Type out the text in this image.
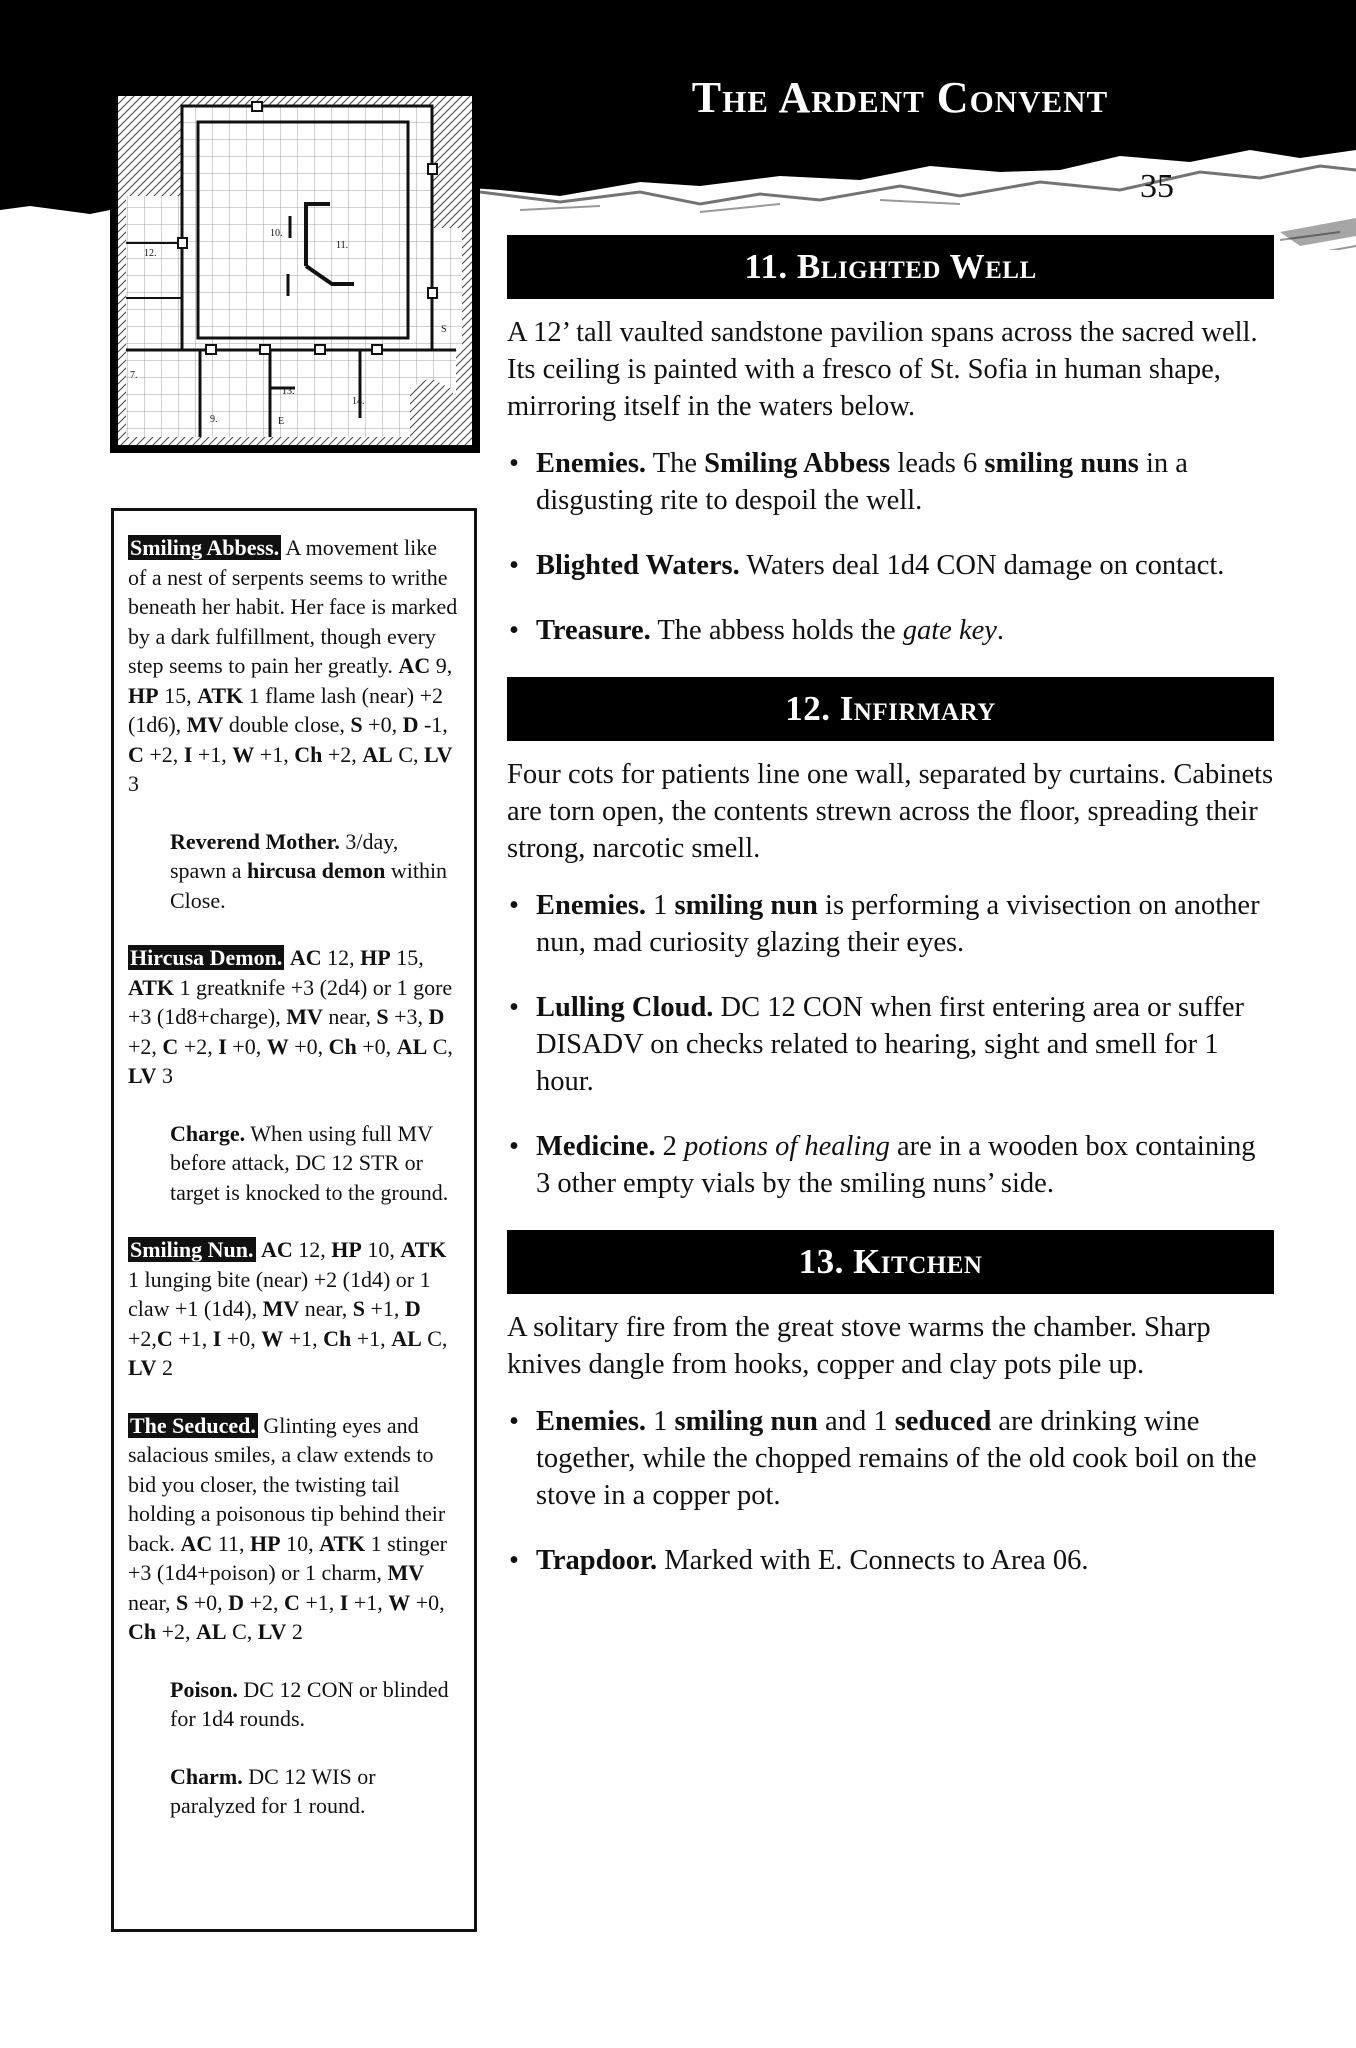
The Ardent Convent
35
10.
11.
12.
7.
9.
13.
14.
E
S
Smiling Abbess. A movement like of a nest of serpents seems to writhe beneath her habit. Her face is marked by a dark fulfillment, though every step seems to pain her greatly. AC 9, HP 15, ATK 1 flame lash (near) +2 (1d6), MV double close, S +0, D -1, C +2, I +1, W +1, Ch +2, AL C, LV 3
Reverend Mother. 3/day, spawn a hircusa demon within Close.
Hircusa Demon. AC 12, HP 15, ATK 1 greatknife +3 (2d4) or 1 gore +3 (1d8+charge), MV near, S +3, D +2, C +2, I +0, W +0, Ch +0, AL C, LV 3
Charge. When using full MV before attack, DC 12 STR or target is knocked to the ground.
Smiling Nun. AC 12, HP 10, ATK 1 lunging bite (near) +2 (1d4) or 1 claw +1 (1d4), MV near, S +1, D +2,C +1, I +0, W +1, Ch +1, AL C, LV 2
The Seduced. Glinting eyes and salacious smiles, a claw extends to bid you closer, the twisting tail holding a poisonous tip behind their back. AC 11, HP 10, ATK 1 stinger +3 (1d4+poison) or 1 charm, MV near, S +0, D +2, C +1, I +1, W +0, Ch +2, AL C, LV 2
Poison. DC 12 CON or blinded for 1d4 rounds.
Charm. DC 12 WIS or paralyzed for 1 round.
11. Blighted Well

A 12’ tall vaulted sandstone pavilion spans across the sacred well. Its ceiling is painted with a fresco of St. Sofia in human shape, mirroring itself in the waters below.

• Enemies. The Smiling Abbess leads 6 smiling nuns in a disgusting rite to despoil the well.
• Blighted Waters. Waters deal 1d4 CON damage on contact.
• Treasure. The abbess holds the gate key.
12. Infirmary

Four cots for patients line one wall, separated by curtains. Cabinets are torn open, the contents strewn across the floor, spreading their strong, narcotic smell.

• Enemies. 1 smiling nun is performing a vivisection on another nun, mad curiosity glazing their eyes.
• Lulling Cloud. DC 12 CON when first entering area or suffer DISADV on checks related to hearing, sight and smell for 1 hour.
• Medicine. 2 potions of healing are in a wooden box containing 3 other empty vials by the smiling nuns’ side.
13. Kitchen

A solitary fire from the great stove warms the chamber. Sharp knives dangle from hooks, copper and clay pots pile up.

• Enemies. 1 smiling nun and 1 seduced are drinking wine together, while the chopped remains of the old cook boil on the stove in a copper pot.
• Trapdoor. Marked with E. Connects to Area 06.
